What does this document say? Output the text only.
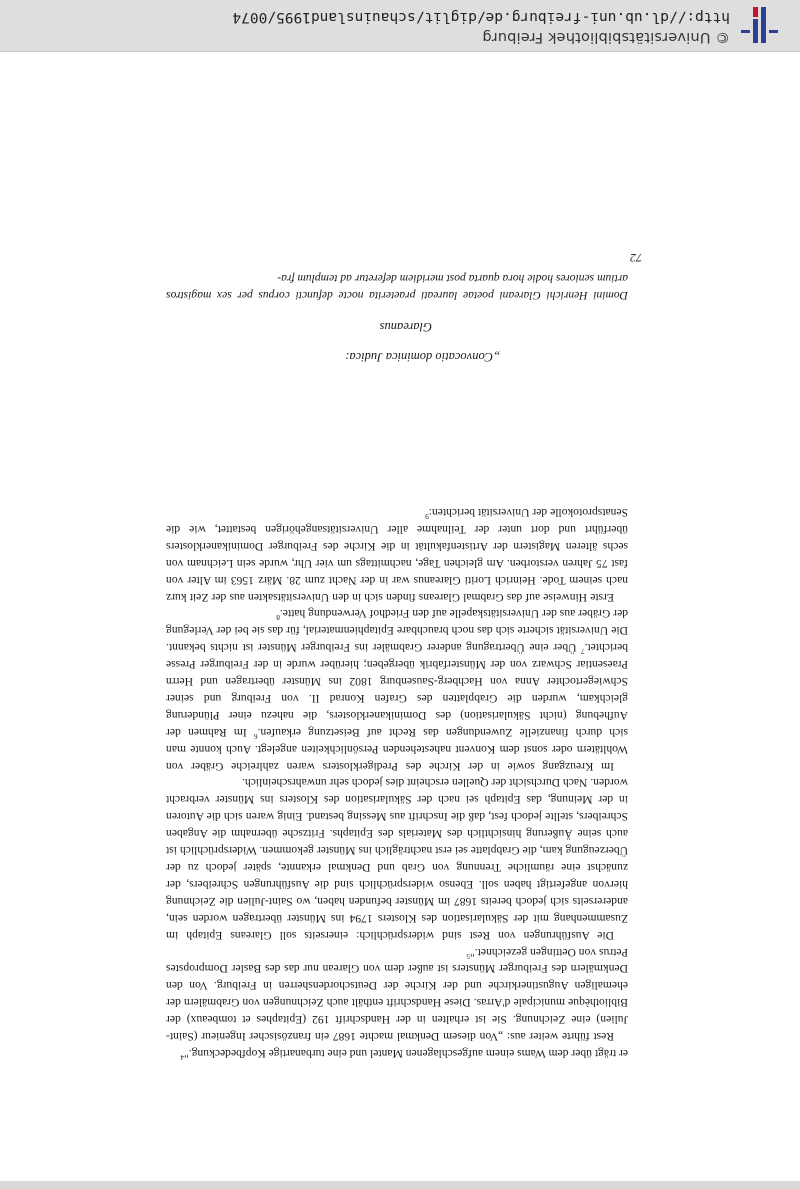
er trägt über dem Wams einem aufgeschlagenen Mantel und eine turbanartige Kopfbedeckung."$^4$

Rest führte weiter aus: „Von diesem Denkmal machte 1687 ein französischer Ingenieur (Saint-Julien) eine Zeichnung. Sie ist erhalten in der Handschrift 192 (Epitaphes et tombeaux) der Bibliothèque municipale d'Arras. Diese Handschrift enthält auch Zeichnungen von Grabmälern der ehemaligen Augustinerkirche und der Kirche der Deutschordensherren in Freiburg. Von den Denkmälern des Freiburger Münsters ist außer dem von Glarean nur das des Basler Dompropstes Petrus von Oettingen gezeichnet."$^5$

Die Ausführungen von Rest sind widersprüchlich: einerseits soll Glareans Epitaph im Zusammenhang mit der Säkularisation des Klosters 1794 ins Münster übertragen worden sein, andererseits sich jedoch bereits 1687 im Münster befunden haben, wo Saint-Julien die Zeichnung hiervon angefertigt haben soll. Ebenso widersprüchlich sind die Ausführungen Schreibers, der zunächst eine räumliche Trennung von Grab und Denkmal erkannte, später jedoch zu der Überzeugung kam, die Grabplatte sei erst nachträglich ins Münster gekommen. Widersprüchlich ist auch seine Äußerung hinsichtlich des Materials des Epitaphs. Fritzsche übernahm die Angaben Schreibers, stellte jedoch fest, daß die Inschrift aus Messing bestand. Einig waren sich die Autoren in der Meinung, das Epitaph sei nach der Säkularisation des Klosters ins Münster verbracht worden. Nach Durchsicht der Quellen erscheint dies jedoch sehr unwahrscheinlich.

Im Kreuzgang sowie in der Kirche des Predigerklosters waren zahlreiche Gräber von Wohltätern oder sonst dem Konvent nahestehenden Persönlichkeiten angelegt. Auch konnte man sich durch finanzielle Zuwendungen das Recht auf Beisetzung erkaufen.$^6$ Im Rahmen der Aufhebung (nicht Säkularisation) des Dominikanerklosters, die nahezu einer Plünderung gleichkam, wurden die Grabplatten des Grafen Konrad II. von Freiburg und seiner Schwiegertochter Anna von Hachberg-Sausenburg 1802 ins Münster übertragen und Herrn Praesentiar Schwarz von der Münsterfabrik übergeben; hierüber wurde in der Freiburger Presse berichtet.$^7$ Über eine Übertragung anderer Grabmäler ins Freiburger Münster ist nichts bekannt. Die Universität sicherte sich das noch brauchbare Epitaphienmaterial, für das sie bei der Verlegung der Gräber aus der Universitätskapelle auf den Friedhof Verwendung hatte.$^8$

Erste Hinweise auf das Grabmal Glareans finden sich in den Universitätsakten aus der Zeit kurz nach seinem Tode. Heinrich Loriti Glareanus war in der Nacht zum 28. März 1563 im Alter von fast 75 Jahren verstorben. Am gleichen Tage, nachmittags um vier Uhr, wurde sein Leichnam von sechs älteren Magistern der Artistenfakultät in die Kirche des Freiburger Dominikanerklosters überführt und dort unter der Teilnahme aller Universitätsangehörigen bestattet, wie die Senatsprotokolle der Universität berichten:$^9$

„Convocatio dominica Judica:
Glareanus
Domini Henrichi Glareani poetae laureati praeterita nocte defuncti corpus per sex magistros artium seniores hodie hora quarta post meridiem deferetur ad templum fra-
72
© Universitätsbibliothek Freiburg
http://dl.ub.uni-freiburg.de/diglit/schauinsland1995/0074
